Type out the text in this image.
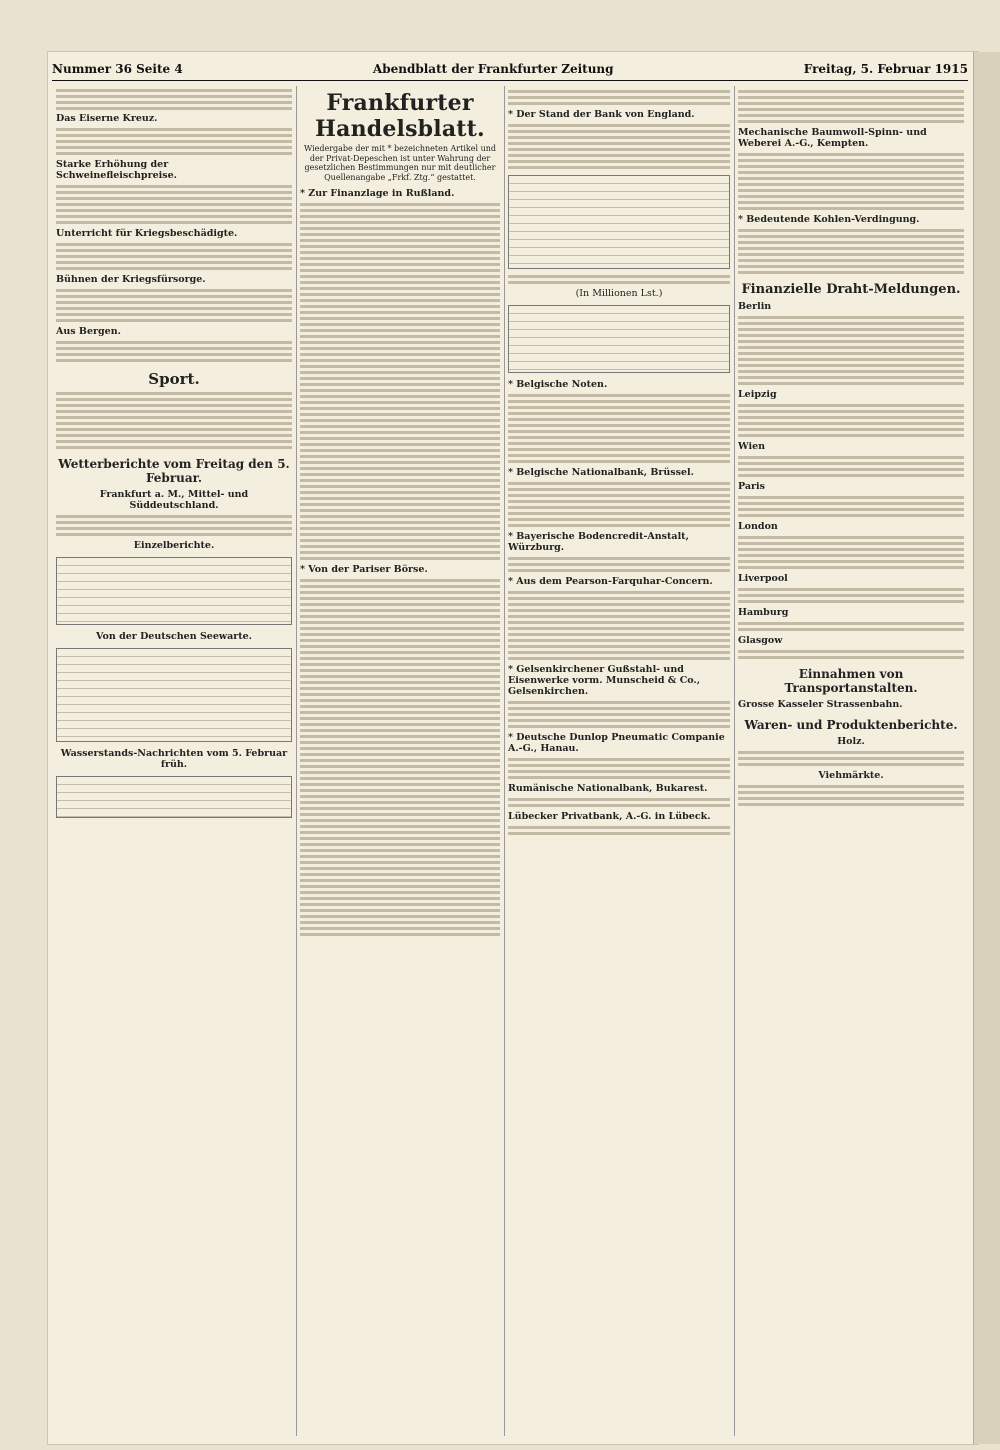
Nummer 36 Seite 4	Abendblatt der Frankfurter Zeitung	Freitag, 5. Februar 1915
Das Eiserne Kreuz.
Starke Erhöhung der Schweinefleischpreise.
Unterricht für Kriegsbeschädigte.
Bühnen der Kriegsfürsorge.
Aus Bergen.
Sport.
Wetterberichte vom Freitag den 5. Februar.
Frankfurt a. M., Mittel- und Süddeutschland.
Einzelberichte.
Von der Deutschen Seewarte.
Wasserstands-Nachrichten vom 5. Februar früh.
Frankfurter Handelsblatt.
Wiedergabe der mit * bezeichneten Artikel und der Privat-Depeschen ist unter Wahrung der gesetzlichen Bestimmungen nur mit deutlicher Quellenangabe „Frkf. Ztg.“ gestattet.
* Zur Finanzlage in Rußland.
* Von der Pariser Börse.
* Der Stand der Bank von England.
(In Millionen Lst.)
* Belgische Noten.
* Belgische Nationalbank, Brüssel.
* Bayerische Bodencredit-Anstalt, Würzburg.
* Aus dem Pearson-Farquhar-Concern.
* Gelsenkirchener Gußstahl- und Eisenwerke vorm. Munscheid & Co., Gelsenkirchen.
* Deutsche Dunlop Pneumatic Companie A.-G., Hanau.
Rumänische Nationalbank, Bukarest.
Lübecker Privatbank, A.-G. in Lübeck.
Mechanische Baumwoll-Spinn- und Weberei A.-G., Kempten.
* Bedeutende Kohlen-Verdingung.
Finanzielle Draht-Meldungen.
Berlin
Leipzig
Wien
Paris
London
Liverpool
Hamburg
Glasgow
Einnahmen von Transportanstalten.
Grosse Kasseler Strassenbahn.
Waren- und Produktenberichte.
Holz.
Viehmärkte.
